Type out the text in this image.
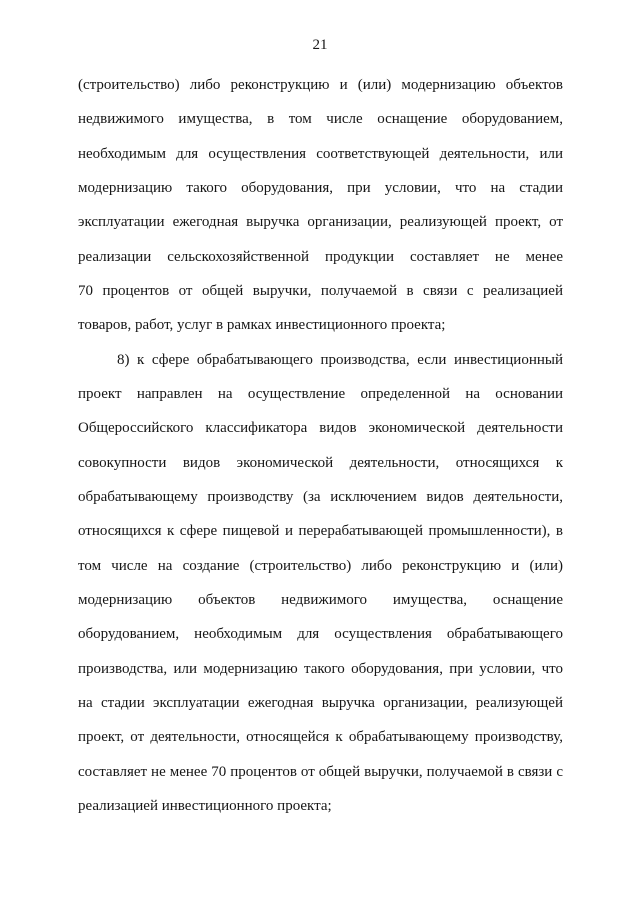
21
(строительство) либо реконструкцию и (или) модернизацию объектов
недвижимого имущества, в том числе оснащение оборудованием,
необходимым для осуществления соответствующей деятельности, или
модернизацию такого оборудования, при условии, что на стадии
эксплуатации ежегодная выручка организации, реализующей проект, от
реализации сельскохозяйственной продукции составляет не менее
70 процентов от общей выручки, получаемой в связи с реализацией
товаров, работ, услуг в рамках инвестиционного проекта;
8) к сфере обрабатывающего производства, если инвестиционный
проект направлен на осуществление определенной на основании
Общероссийского классификатора видов экономической деятельности
совокупности видов экономической деятельности, относящихся к
обрабатывающему производству (за исключением видов деятельности,
относящихся к сфере пищевой и перерабатывающей промышленности), в
том числе на создание (строительство) либо реконструкцию и (или)
модернизацию объектов недвижимого имущества, оснащение
оборудованием, необходимым для осуществления обрабатывающего
производства, или модернизацию такого оборудования, при условии, что
на стадии эксплуатации ежегодная выручка организации, реализующей
проект, от деятельности, относящейся к обрабатывающему производству,
составляет не менее 70 процентов от общей выручки, получаемой в связи с
реализацией инвестиционного проекта;
